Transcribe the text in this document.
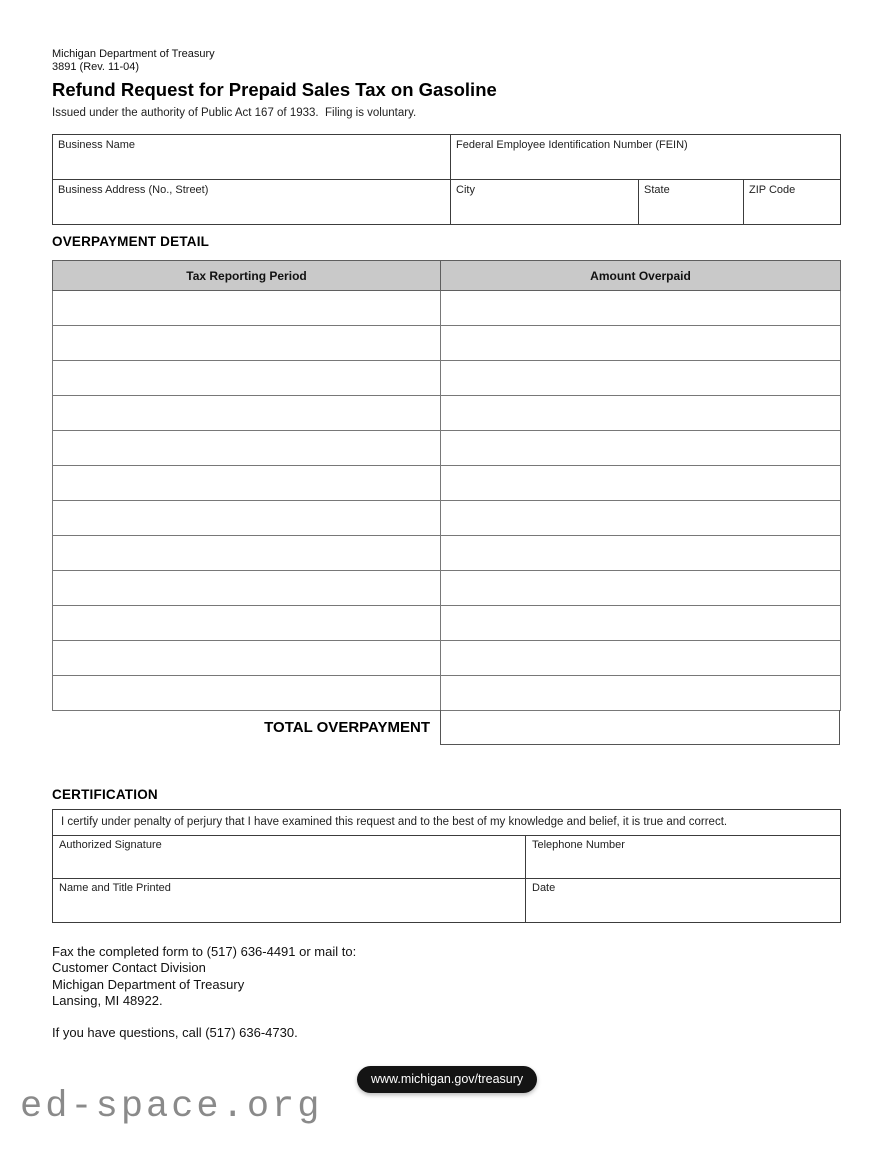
Michigan Department of Treasury
3891 (Rev. 11-04)
Refund Request for Prepaid Sales Tax on Gasoline
Issued under the authority of Public Act 167 of 1933.  Filing is voluntary.
Business Name	Federal Employee Identification Number (FEIN)		
Business Address (No., Street)	City	State	ZIP Code
OVERPAYMENT DETAIL
Tax Reporting Period	Amount Overpaid

TOTAL OVERPAYMENT
CERTIFICATION
I certify under penalty of perjury that I have examined this request and to the best of my knowledge and belief, it is true and correct.	
Authorized Signature	Telephone Number
Name and Title Printed	Date
Fax the completed form to (517) 636-4491 or mail to:
Customer Contact Division
Michigan Department of Treasury
Lansing, MI 48922.
If you have questions, call (517) 636-4730.
www.michigan.gov/treasury
ed-space.org
